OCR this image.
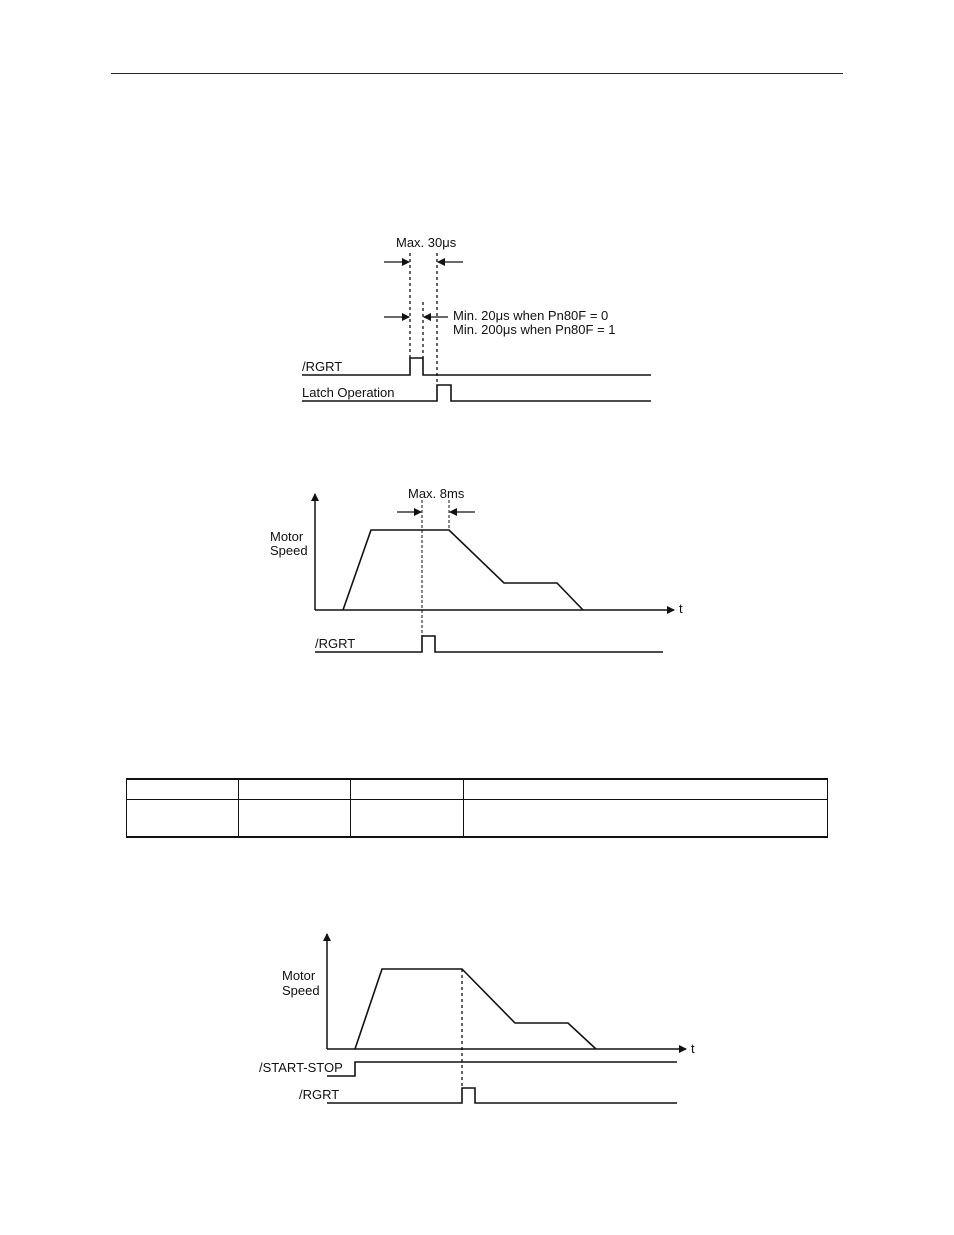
Max. 30μs
Min. 20μs when Pn80F = 0
Min. 200μs when Pn80F = 1
/RGRT
Latch Operation
Max. 8ms
Motor
Speed
t
/RGRT
Motor
Speed
t
/START-STOP
/RGRT
